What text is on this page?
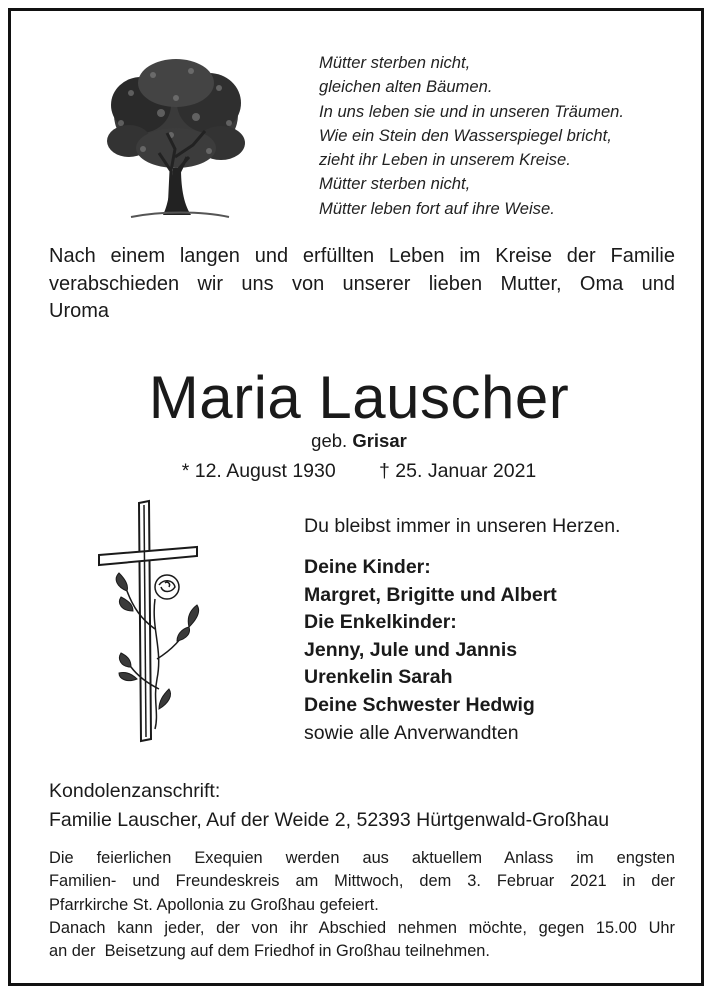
Mütter sterben nicht,
gleichen alten Bäumen.
In uns leben sie und in unseren Träumen.
Wie ein Stein den Wasserspiegel bricht,
zieht ihr Leben in unserem Kreise.
Mütter sterben nicht,
Mütter leben fort auf ihre Weise.
Nach einem langen und erfüllten Leben im Kreise der Familie
verabschieden wir uns von unserer lieben Mutter, Oma und
Uroma
Maria Lauscher
geb. Grisar
* 12. August 1930 † 25. Januar 2021
Du bleibst immer in unseren Herzen.
Deine Kinder:
Margret, Brigitte und Albert
Die Enkelkinder:
Jenny, Jule und Jannis
Urenkelin Sarah
Deine Schwester Hedwig
sowie alle Anverwandten
Kondolenzanschrift:
Familie Lauscher, Auf der Weide 2, 52393 Hürtgenwald-Großhau
Die feierlichen Exequien werden aus aktuellem Anlass im engsten
Familien- und Freundeskreis am Mittwoch, dem 3. Februar 2021 in der
Pfarrkirche St. Apollonia zu Großhau gefeiert.
Danach kann jeder, der von ihr Abschied nehmen möchte, gegen 15.00 Uhr
an der  Beisetzung auf dem Friedhof in Großhau teilnehmen.
